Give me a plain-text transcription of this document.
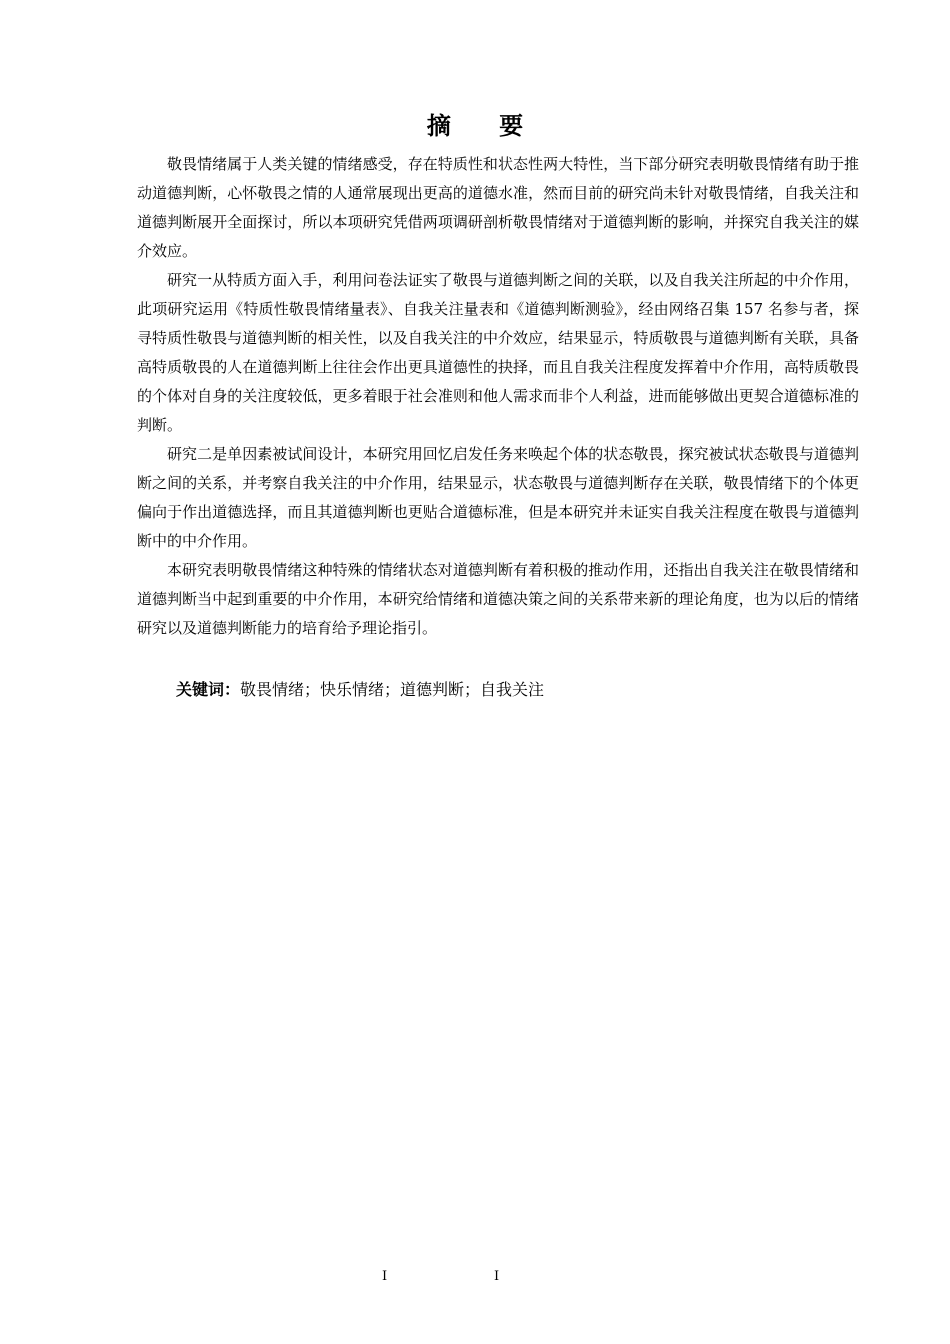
摘 要

敬畏情绪属于人类关键的情绪感受，存在特质性和状态性两大特性，当下部分研究表明敬畏情绪有助于推动道德判断，心怀敬畏之情的人通常展现出更高的道德水准，然而目前的研究尚未针对敬畏情绪，自我关注和道德判断展开全面探讨，所以本项研究凭借两项调研剖析敬畏情绪对于道德判断的影响，并探究自我关注的媒介效应。

研究一从特质方面入手，利用问卷法证实了敬畏与道德判断之间的关联，以及自我关注所起的中介作用，此项研究运用《特质性敬畏情绪量表》、自我关注量表和《道德判断测验》，经由网络召集 157 名参与者，探寻特质性敬畏与道德判断的相关性，以及自我关注的中介效应，结果显示，特质敬畏与道德判断有关联，具备高特质敬畏的人在道德判断上往往会作出更具道德性的抉择，而且自我关注程度发挥着中介作用，高特质敬畏的个体对自身的关注度较低，更多着眼于社会准则和他人需求而非个人利益，进而能够做出更契合道德标准的判断。

研究二是单因素被试间设计，本研究用回忆启发任务来唤起个体的状态敬畏，探究被试状态敬畏与道德判断之间的关系，并考察自我关注的中介作用，结果显示，状态敬畏与道德判断存在关联，敬畏情绪下的个体更偏向于作出道德选择，而且其道德判断也更贴合道德标准，但是本研究并未证实自我关注程度在敬畏与道德判断中的中介作用。

本研究表明敬畏情绪这种特殊的情绪状态对道德判断有着积极的推动作用，还指出自我关注在敬畏情绪和道德判断当中起到重要的中介作用，本研究给情绪和道德决策之间的关系带来新的理论角度，也为以后的情绪研究以及道德判断能力的培育给予理论指引。

关键词：敬畏情绪；快乐情绪；道德判断；自我关注
I	I
